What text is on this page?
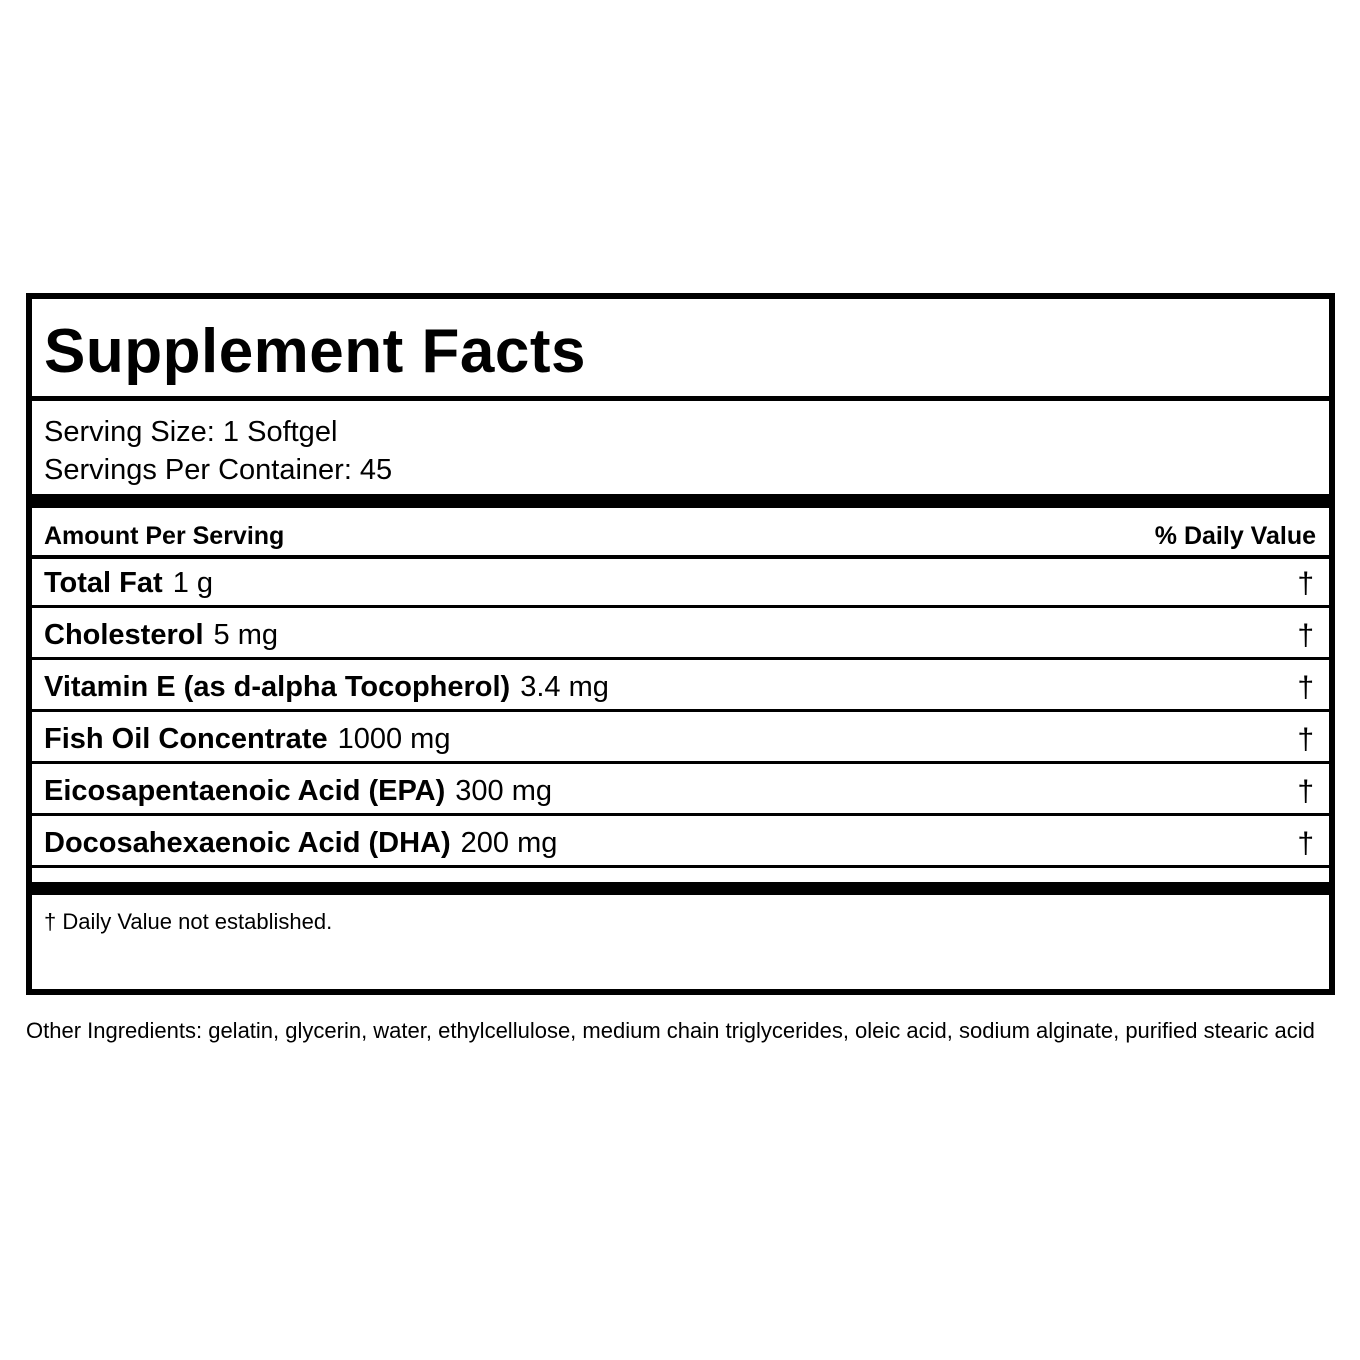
Supplement Facts
Serving Size: 1 Softgel
Servings Per Container: 45
Amount Per Serving	% Daily Value
Total Fat 1 g	†
Cholesterol 5 mg	†
Vitamin E (as d-alpha Tocopherol) 3.4 mg	†
Fish Oil Concentrate 1000 mg	†
Eicosapentaenoic Acid (EPA) 300 mg	†
Docosahexaenoic Acid (DHA) 200 mg	†
† Daily Value not established.
Other Ingredients: gelatin, glycerin, water, ethylcellulose, medium chain triglycerides, oleic acid, sodium alginate, purified stearic acid
